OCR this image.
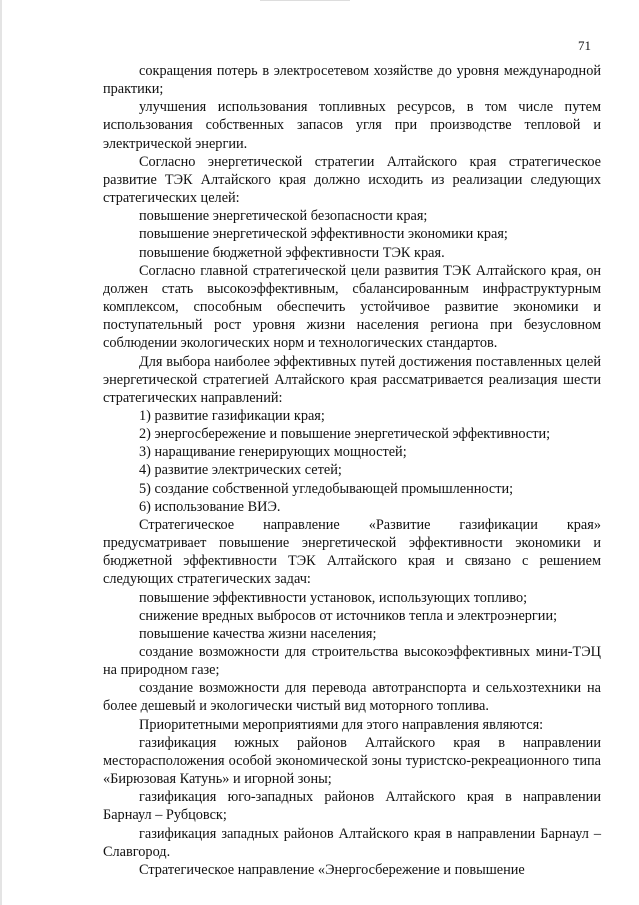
71

сокращения потерь в электросетевом хозяйстве до уровня международной практики;

улучшения использования топливных ресурсов, в том числе путем использования собственных запасов угля при производстве тепловой и электрической энергии.

Согласно энергетической стратегии Алтайского края стратегическое развитие ТЭК Алтайского края должно исходить из реализации следующих стратегических целей:

повышение энергетической безопасности края;

повышение энергетической эффективности экономики края;

повышение бюджетной эффективности ТЭК края.

Согласно главной стратегической цели развития ТЭК Алтайского края, он должен стать высокоэффективным, сбалансированным инфраструктурным комплексом, способным обеспечить устойчивое развитие экономики и поступательный рост уровня жизни населения региона при безусловном соблюдении экологических норм и технологических стандартов.

Для выбора наиболее эффективных путей достижения поставленных целей энергетической стратегией Алтайского края рассматривается реализация шести стратегических направлений:

1) развитие газификации края;

2) энергосбережение и повышение энергетической эффективности;

3) наращивание генерирующих мощностей;

4) развитие электрических сетей;

5) создание собственной угледобывающей промышленности;

6) использование ВИЭ.

Стратегическое направление «Развитие газификации края» предусматривает повышение энергетической эффективности экономики и бюджетной эффективности ТЭК Алтайского края и связано с решением следующих стратегических задач:

повышение эффективности установок, использующих топливо;

снижение вредных выбросов от источников тепла и электроэнергии;

повышение качества жизни населения;

создание возможности для строительства высокоэффективных мини-ТЭЦ на природном газе;

создание возможности для перевода автотранспорта и сельхозтехники на более дешевый и экологически чистый вид моторного топлива.

Приоритетными мероприятиями для этого направления являются:

газификация южных районов Алтайского края в направлении месторасположения особой экономической зоны туристско-рекреационного типа «Бирюзовая Катунь» и игорной зоны;

газификация юго-западных районов Алтайского края в направлении Барнаул – Рубцовск;

газификация западных районов Алтайского края в направлении Барнаул – Славгород.

Стратегическое направление «Энергосбережение и повышение
